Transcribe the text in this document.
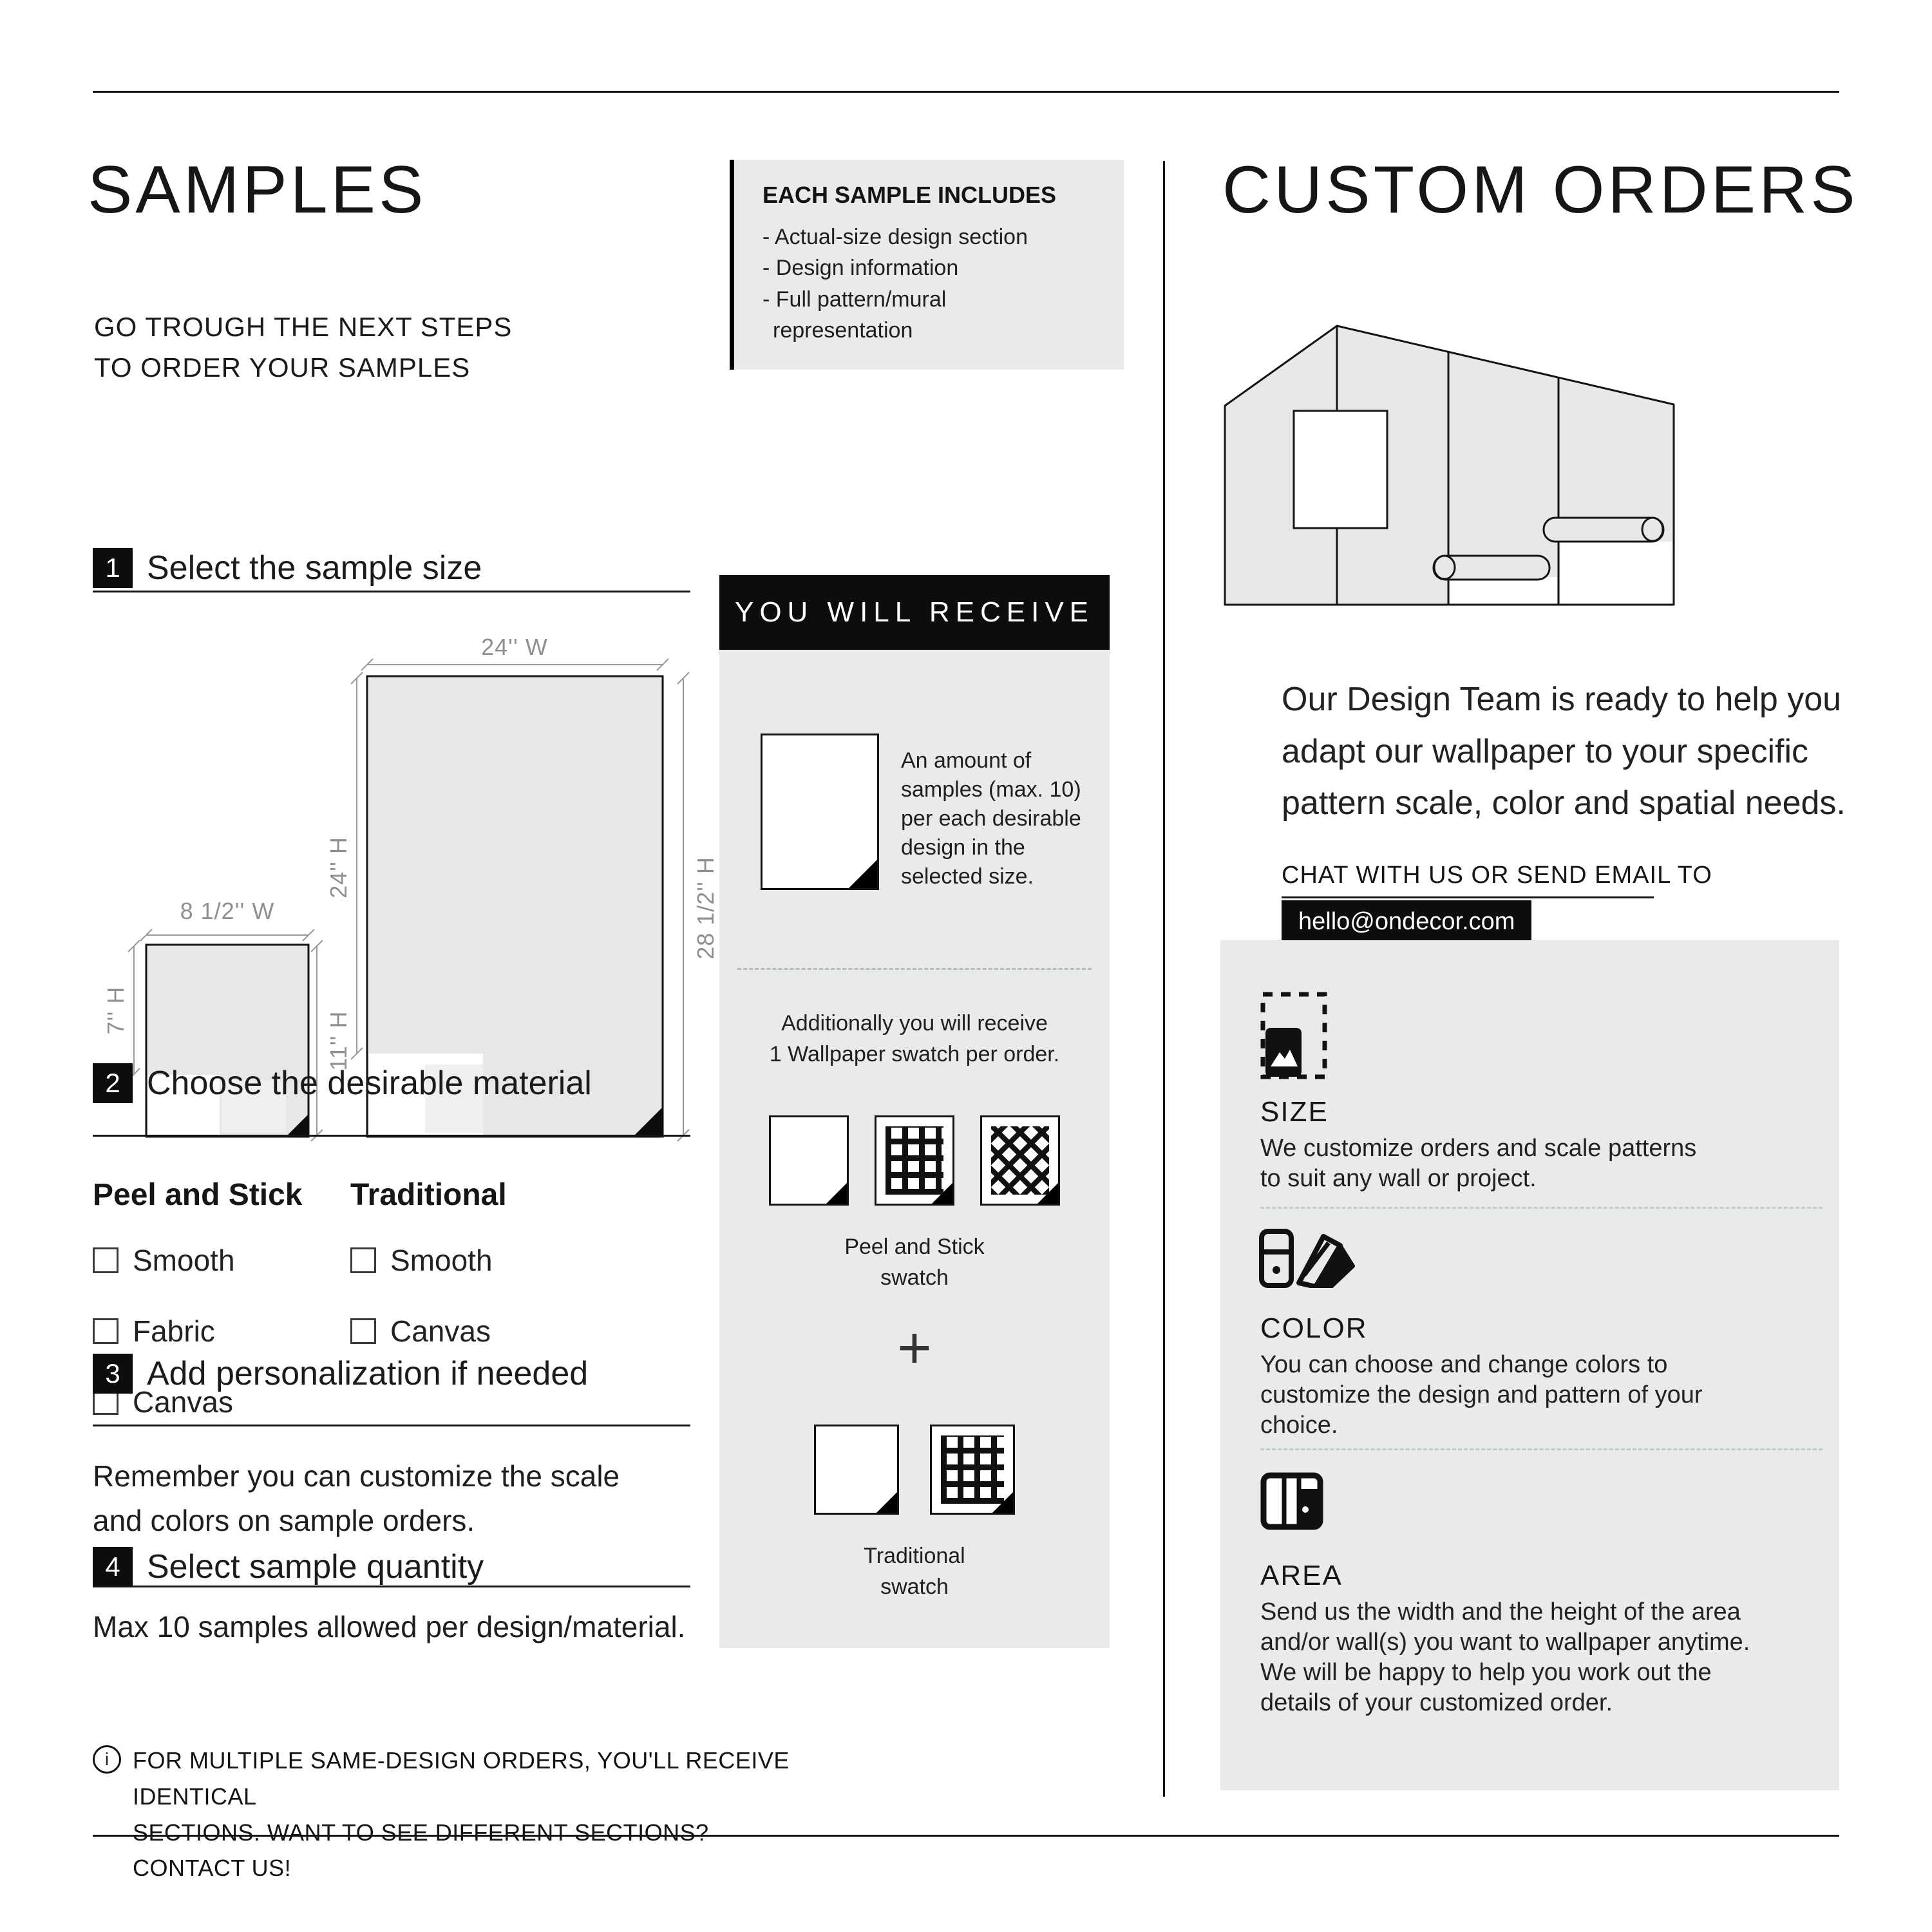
SAMPLES
GO TROUGH THE NEXT STEPS
TO ORDER YOUR SAMPLES
EACH SAMPLE INCLUDES
- Actual-size design section
- Design information
- Full pattern/mural
representation
1 Select the sample size
24'' W
24'' H	28 1/2'' H
8 1/2'' W
7'' H
11'' H
2 Choose the desirable material
Peel and Stick Traditional
Smooth
Fabric
Canvas
Smooth
Canvas
3 Add personalization if needed
Remember you can customize the scale
and colors on sample orders.
4 Select sample quantity
Max 10 samples allowed per design/material.
i	FOR MULTIPLE SAME-DESIGN ORDERS, YOU'LL RECEIVE IDENTICAL
SECTIONS. WANT TO SEE DIFFERENT SECTIONS? CONTACT US!
YOU WILL RECEIVE
An amount of
samples (max. 10)
per each desirable
design in the
selected size.
Additionally you will receive
1 Wallpaper swatch per order.
Peel and Stick
swatch
+
Traditional
swatch
CUSTOM ORDERS
Our Design Team is ready to help you
adapt our wallpaper to your specific
pattern scale, color and spatial needs.
CHAT WITH US OR SEND EMAIL TO
hello@ondecor.com
SIZE
We customize orders and scale patterns
to suit any wall or project.
COLOR
You can choose and change colors to
customize the design and pattern of your
choice.
AREA
Send us the width and the height of the area
and/or wall(s) you want to wallpaper anytime.
We will be happy to help you work out the
details of your customized order.
